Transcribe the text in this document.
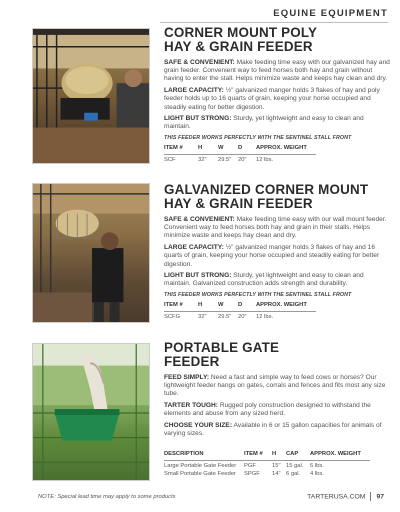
EQUINE EQUIPMENT
CORNER MOUNT POLY
HAY & GRAIN FEEDER

SAFE & CONVENIENT: Make feeding time easy with our galvanized hay and grain feeder. Convenient way to feed horses both hay and grain without having to enter the stall. Helps minimize waste and keeps hay clean and dry.

LARGE CAPACITY: ½" galvanized manger holds 3 flakes of hay and poly feeder holds up to 16 quarts of grain, keeping your horse occupied and steadily eating for better digestion.

LIGHT BUT STRONG: Sturdy, yet lightweight and easy to clean and maintain.

THIS FEEDER WORKS PERFECTLY WITH THE SENTINEL STALL FRONT
ITEM #	H	W	D	APPROX. WEIGHT
SCF	32"	29.5"	20"	12 lbs.
GALVANIZED CORNER MOUNT
HAY & GRAIN FEEDER

SAFE & CONVENIENT: Make feeding time easy with our wall mount feeder. Convenient way to feed horses both hay and grain in their stalls. Helps minimize waste and keeps hay clean and dry.

LARGE CAPACITY: ½" galvanized manger holds 3 flakes of hay and 16 quarts of grain, keeping your horse occupied and steadily eating for better digestion.

LIGHT BUT STRONG: Sturdy, yet lightweight and easy to clean and maintain. Galvanized construction adds strength and durability.

THIS FEEDER WORKS PERFECTLY WITH THE SENTINEL STALL FRONT
ITEM #	H	W	D	APPROX. WEIGHT
SCFG	32"	29.5"	20"	12 lbs.
PORTABLE GATE
FEEDER

FEED SIMPLY: Need a fast and simple way to feed cows or horses? Our lightweight feeder hangs on gates, corrals and fences and fits most any size tube.

TARTER TOUGH: Rugged poly construction designed to withstand the elements and abuse from any sized herd.

CHOOSE YOUR SIZE: Available in 6 or 15 gallon capacities for animals of varying sizes.

DESCRIPTION	ITEM #	H	CAP	APPROX. WEIGHT
Large Portable Gate Feeder	PGF	15"	15 gal.	6 lbs.
Small Portable Gate Feeder	SPGF	14"	6 gal.	4 lbs.
NOTE: Special lead time may apply to some products	TARTERUSA.COM 97
